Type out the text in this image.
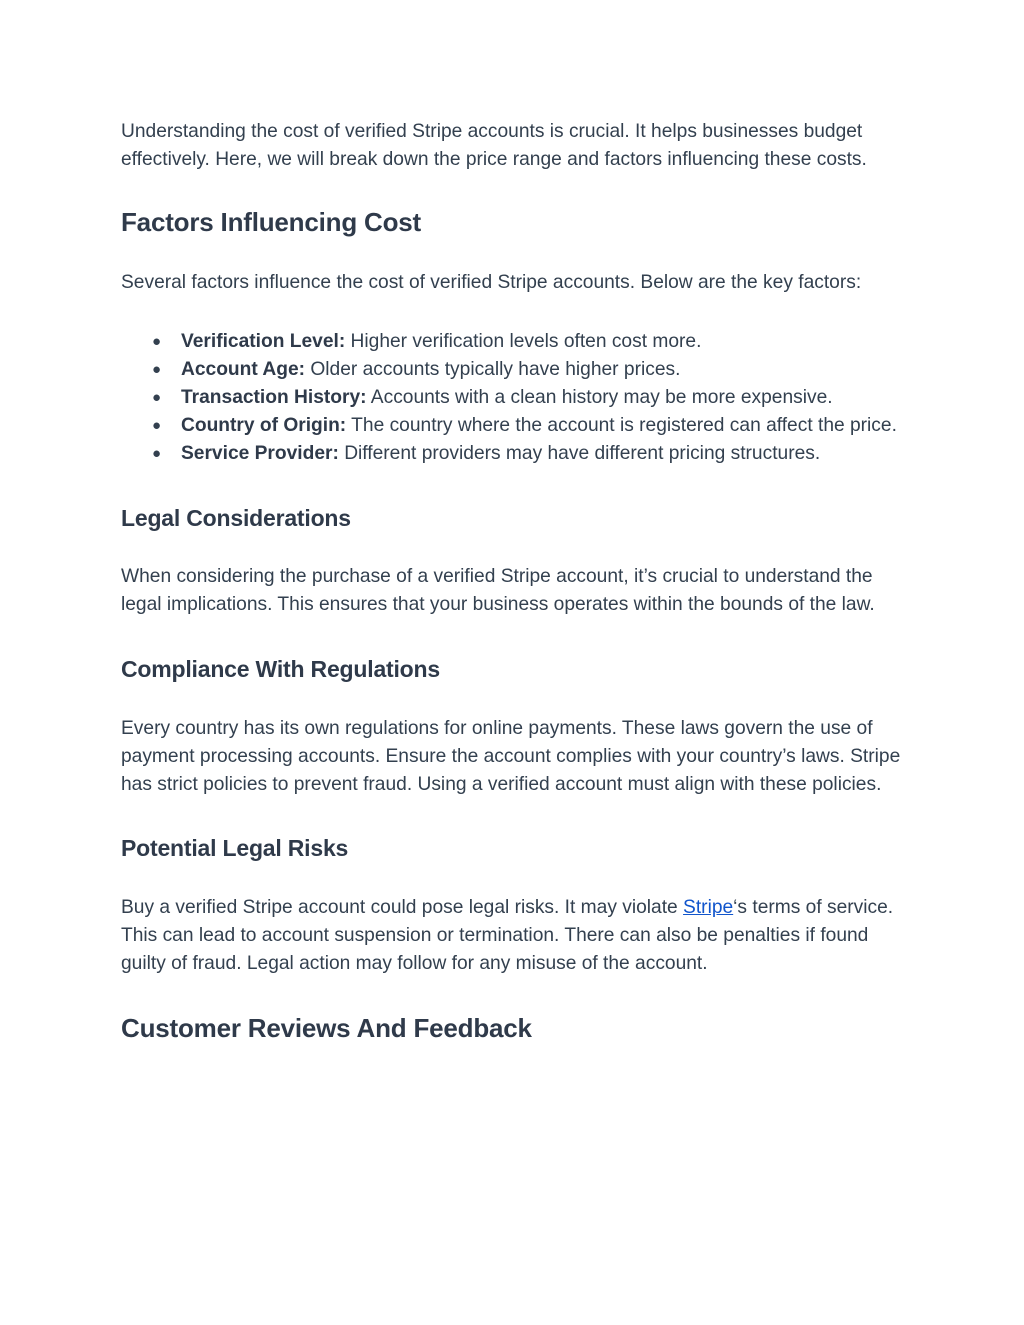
Understanding the cost of verified Stripe accounts is crucial. It helps businesses budget effectively. Here, we will break down the price range and factors influencing these costs.

Factors Influencing Cost

Several factors influence the cost of verified Stripe accounts. Below are the key factors:

● Verification Level: Higher verification levels often cost more.
● Account Age: Older accounts typically have higher prices.
● Transaction History: Accounts with a clean history may be more expensive.
● Country of Origin: The country where the account is registered can affect the price.
● Service Provider: Different providers may have different pricing structures.
Legal Considerations

When considering the purchase of a verified Stripe account, it’s crucial to understand the legal implications. This ensures that your business operates within the bounds of the law.

Compliance With Regulations

Every country has its own regulations for online payments. These laws govern the use of payment processing accounts. Ensure the account complies with your country’s laws. Stripe has strict policies to prevent fraud. Using a verified account must align with these policies.

Potential Legal Risks

Buy a verified Stripe account could pose legal risks. It may violate Stripe‘s terms of service. This can lead to account suspension or termination. There can also be penalties if found guilty of fraud. Legal action may follow for any misuse of the account.

Customer Reviews And Feedback
